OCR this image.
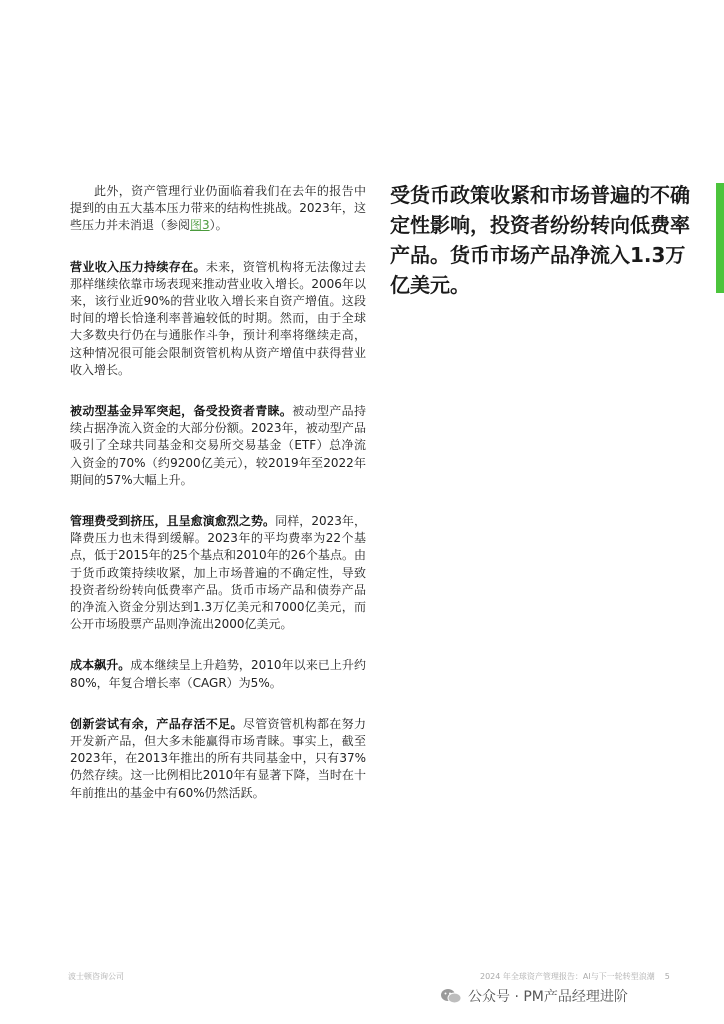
此外，资产管理行业仍面临着我们在去年的报告中提到的由五大基本压力带来的结构性挑战。2023年，这些压力并未消退（参阅图3）。

营业收入压力持续存在。未来，资管机构将无法像过去那样继续依靠市场表现来推动营业收入增长。2006年以来，该行业近90%的营业收入增长来自资产增值。这段时间的增长恰逢利率普遍较低的时期。然而，由于全球大多数央行仍在与通胀作斗争，预计利率将继续走高，这种情况很可能会限制资管机构从资产增值中获得营业收入增长。

被动型基金异军突起，备受投资者青睐。被动型产品持续占据净流入资金的大部分份额。2023年，被动型产品吸引了全球共同基金和交易所交易基金（ETF）总净流入资金的70%（约9200亿美元），较2019年至2022年期间的57%大幅上升。

管理费受到挤压，且呈愈演愈烈之势。同样，2023年，降费压力也未得到缓解。2023年的平均费率为22个基点，低于2015年的25个基点和2010年的26个基点。由于货币政策持续收紧，加上市场普遍的不确定性，导致投资者纷纷转向低费率产品。货币市场产品和债券产品的净流入资金分别达到1.3万亿美元和7000亿美元，而公开市场股票产品则净流出2000亿美元。

成本飙升。成本继续呈上升趋势，2010年以来已上升约80%，年复合增长率（CAGR）为5%。

创新尝试有余，产品存活不足。尽管资管机构都在努力开发新产品，但大多未能赢得市场青睐。事实上，截至2023年，在2013年推出的所有共同基金中，只有37%仍然存续。这一比例相比2010年有显著下降，当时在十年前推出的基金中有60%仍然活跃。

受货币政策收紧和市场普遍的不确定性影响，投资者纷纷转向低费率产品。货币市场产品净流入1.3万亿美元。

波士顿咨询公司	2024 年全球资产管理报告：AI与下一轮转型浪潮 5
公众号 · PM产品经理进阶
